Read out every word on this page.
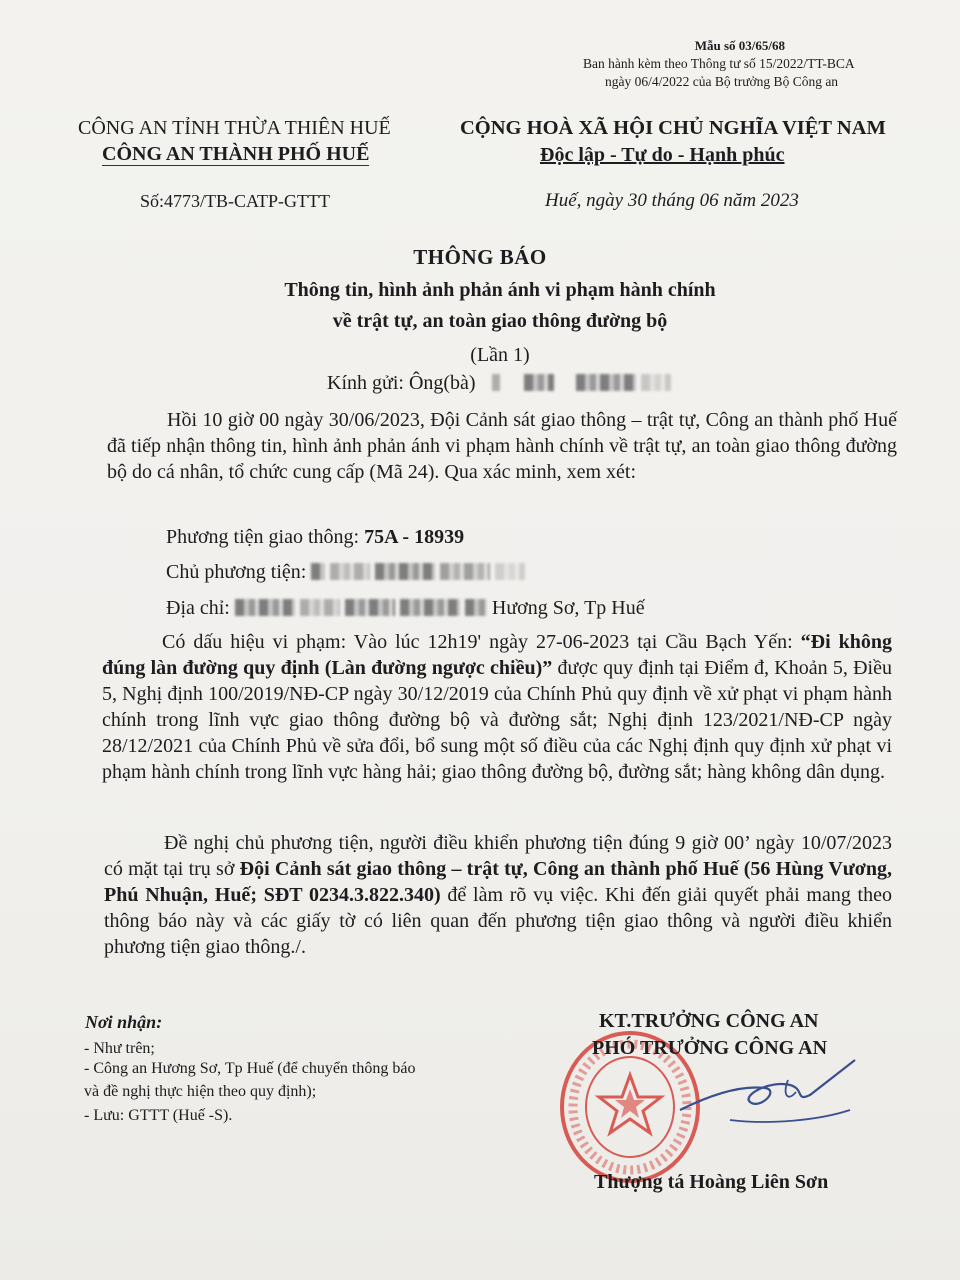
Mẫu số 03/65/68
Ban hành kèm theo Thông tư số 15/2022/TT-BCA
ngày 06/4/2022 của Bộ trưởng Bộ Công an
CÔNG AN TỈNH THỪA THIÊN HUẾ
CÔNG AN THÀNH PHỐ HUẾ
CỘNG HOÀ XÃ HỘI CHỦ NGHĨA VIỆT NAM
Độc lập - Tự do - Hạnh phúc
Số:4773/TB-CATP-GTTT	Huế, ngày 30 tháng 06 năm 2023
THÔNG BÁO
Thông tin, hình ảnh phản ánh vi phạm hành chính
về trật tự, an toàn giao thông đường bộ
(Lần 1)
Kính gửi: Ông(bà)
Hồi 10 giờ 00 ngày 30/06/2023, Đội Cảnh sát giao thông – trật tự, Công an thành phố Huế đã tiếp nhận thông tin, hình ảnh phản ánh vi phạm hành chính về trật tự, an toàn giao thông đường bộ do cá nhân, tổ chức cung cấp (Mã 24). Qua xác minh, xem xét:
Phương tiện giao thông: 75A - 18939
Chủ phương tiện:
Địa chỉ:	Hương Sơ, Tp Huế
Có dấu hiệu vi phạm: Vào lúc 12h19' ngày 27-06-2023 tại Cầu Bạch Yến: “Đi không đúng làn đường quy định (Làn đường ngược chiều)” được quy định tại Điểm đ, Khoản 5, Điều 5, Nghị định 100/2019/NĐ-CP ngày 30/12/2019 của Chính Phủ quy định về xử phạt vi phạm hành chính trong lĩnh vực giao thông đường bộ và đường sắt; Nghị định 123/2021/NĐ-CP ngày 28/12/2021 của Chính Phủ về sửa đổi, bổ sung một số điều của các Nghị định quy định xử phạt vi phạm hành chính trong lĩnh vực hàng hải; giao thông đường bộ, đường sắt; hàng không dân dụng.
Đề nghị chủ phương tiện, người điều khiển phương tiện đúng 9 giờ 00’ ngày 10/07/2023 có mặt tại trụ sở Đội Cảnh sát giao thông – trật tự, Công an thành phố Huế (56 Hùng Vương, Phú Nhuận, Huế; SĐT 0234.3.822.340) để làm rõ vụ việc. Khi đến giải quyết phải mang theo thông báo này và các giấy tờ có liên quan đến phương tiện giao thông và người điều khiển phương tiện giao thông./.
Nơi nhận:
- Như trên;
- Công an Hương Sơ, Tp Huế (để chuyển thông báo
và đề nghị thực hiện theo quy định);
- Lưu: GTTT (Huế -S).
KT.TRƯỞNG CÔNG AN
PHÓ TRƯỞNG CÔNG AN
Thượng tá Hoàng Liên Sơn
